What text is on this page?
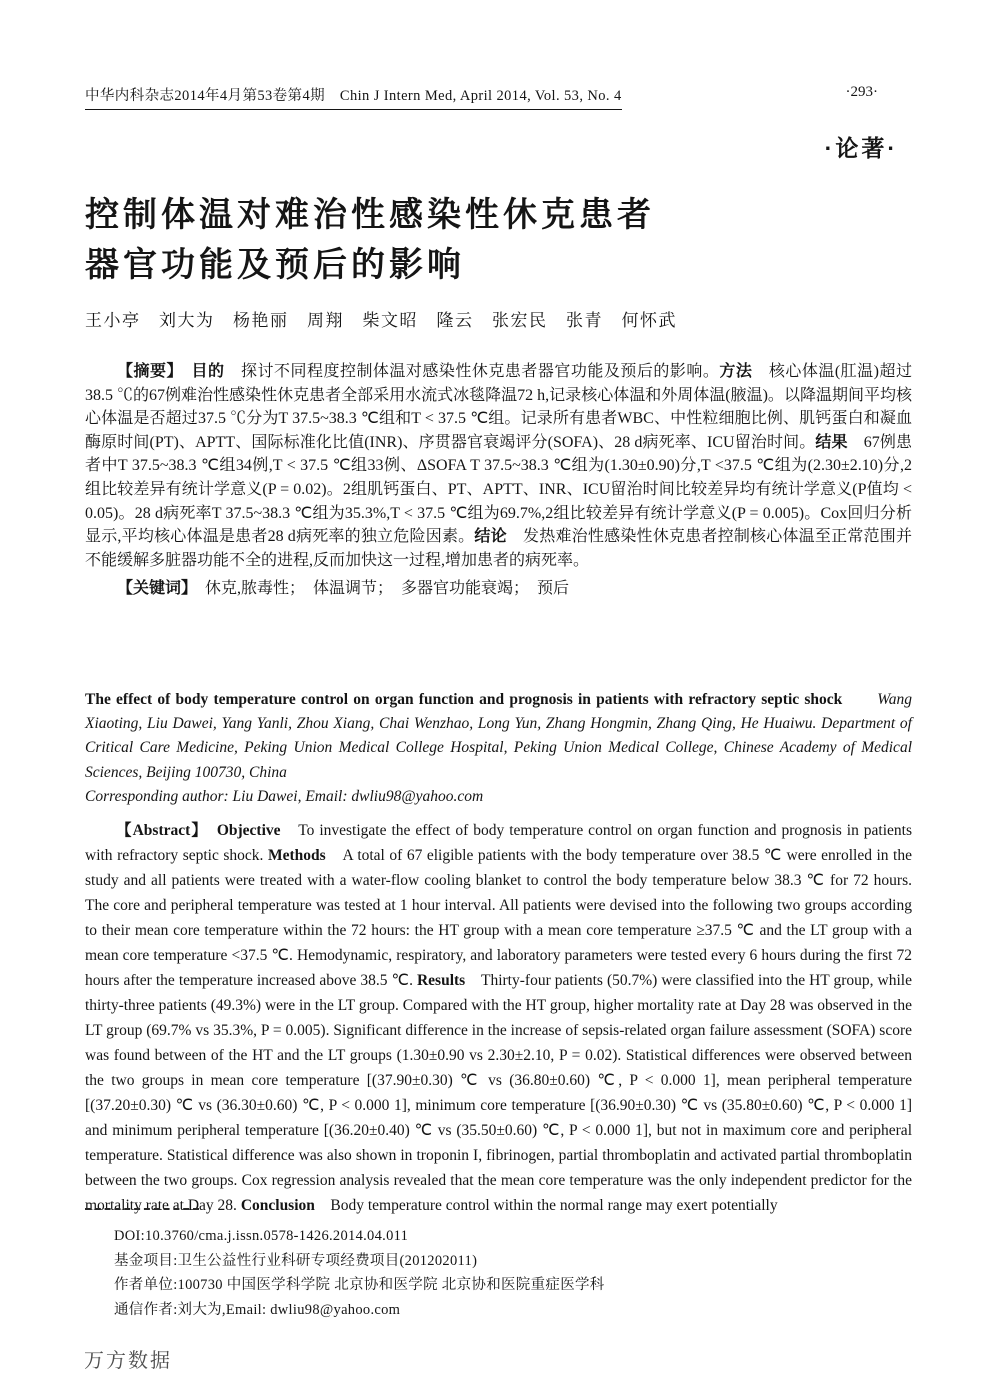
中华内科杂志2014年4月第53卷第4期　Chin J Intern Med, April 2014, Vol. 53, No. 4	·293·
·论著·
控制体温对难治性感染性休克患者
器官功能及预后的影响
王小亭　刘大为　杨艳丽　周翔　柴文昭　隆云　张宏民　张青　何怀武

【摘要】　目的　探讨不同程度控制体温对感染性休克患者器官功能及预后的影响。方法　核心体温(肛温)超过38.5 ℃的67例难治性感染性休克患者全部采用水流式冰毯降温72 h,记录核心体温和外周体温(腋温)。以降温期间平均核心体温是否超过37.5 ℃分为T 37.5~38.3 ℃组和T < 37.5 ℃组。记录所有患者WBC、中性粒细胞比例、肌钙蛋白和凝血酶原时间(PT)、APTT、国际标准化比值(INR)、序贯器官衰竭评分(SOFA)、28 d病死率、ICU留治时间。结果　67例患者中T 37.5~38.3 ℃组34例,T < 37.5 ℃组33例、ΔSOFA T 37.5~38.3 ℃组为(1.30±0.90)分,T <37.5 ℃组为(2.30±2.10)分,2组比较差异有统计学意义(P = 0.02)。2组肌钙蛋白、PT、APTT、INR、ICU留治时间比较差异均有统计学意义(P值均 < 0.05)。28 d病死率T 37.5~38.3 ℃组为35.3%,T < 37.5 ℃组为69.7%,2组比较差异有统计学意义(P = 0.005)。Cox回归分析显示,平均核心体温是患者28 d病死率的独立危险因素。结论　发热难治性感染性休克患者控制核心体温至正常范围并不能缓解多脏器功能不全的进程,反而加快这一过程,增加患者的病死率。

【关键词】　休克,脓毒性；　体温调节；　多器官功能衰竭；　预后

The effect of body temperature control on organ function and prognosis in patients with refractory septic shock　　Wang Xiaoting, Liu Dawei, Yang Yanli, Zhou Xiang, Chai Wenzhao, Long Yun, Zhang Hongmin, Zhang Qing, He Huaiwu. Department of Critical Care Medicine, Peking Union Medical College Hospital, Peking Union Medical College, Chinese Academy of Medical Sciences, Beijing 100730, China

Corresponding author: Liu Dawei, Email: dwliu98@yahoo.com

【Abstract】　Objective　To investigate the effect of body temperature control on organ function and prognosis in patients with refractory septic shock. Methods　A total of 67 eligible patients with the body temperature over 38.5 ℃ were enrolled in the study and all patients were treated with a water-flow cooling blanket to control the body temperature below 38.3 ℃ for 72 hours. The core and peripheral temperature was tested at 1 hour interval. All patients were devised into the following two groups according to their mean core temperature within the 72 hours: the HT group with a mean core temperature ≥37.5 ℃ and the LT group with a mean core temperature <37.5 ℃. Hemodynamic, respiratory, and laboratory parameters were tested every 6 hours during the first 72 hours after the temperature increased above 38.5 ℃. Results　Thirty-four patients (50.7%) were classified into the HT group, while thirty-three patients (49.3%) were in the LT group. Compared with the HT group, higher mortality rate at Day 28 was observed in the LT group (69.7% vs 35.3%, P = 0.005). Significant difference in the increase of sepsis-related organ failure assessment (SOFA) score was found between of the HT and the LT groups (1.30±0.90 vs 2.30±2.10, P = 0.02). Statistical differences were observed between the two groups in mean core temperature [(37.90±0.30) ℃ vs (36.80±0.60) ℃, P < 0.000 1], mean peripheral temperature [(37.20±0.30) ℃ vs (36.30±0.60) ℃, P < 0.000 1], minimum core temperature [(36.90±0.30) ℃ vs (35.80±0.60) ℃, P < 0.000 1] and minimum peripheral temperature [(36.20±0.40) ℃ vs (35.50±0.60) ℃, P < 0.000 1], but not in maximum core and peripheral temperature. Statistical difference was also shown in troponin I, fibrinogen, partial thromboplatin and activated partial thromboplatin between the two groups. Cox regression analysis revealed that the mean core temperature was the only independent predictor for the mortality rate at Day 28. Conclusion　Body temperature control within the normal range may exert potentially

DOI:10.3760/cma.j.issn.0578-1426.2014.04.011
基金项目:卫生公益性行业科研专项经费项目(201202011)
作者单位:100730 中国医学科学院 北京协和医学院 北京协和医院重症医学科
通信作者:刘大为,Email: dwliu98@yahoo.com
万方数据
